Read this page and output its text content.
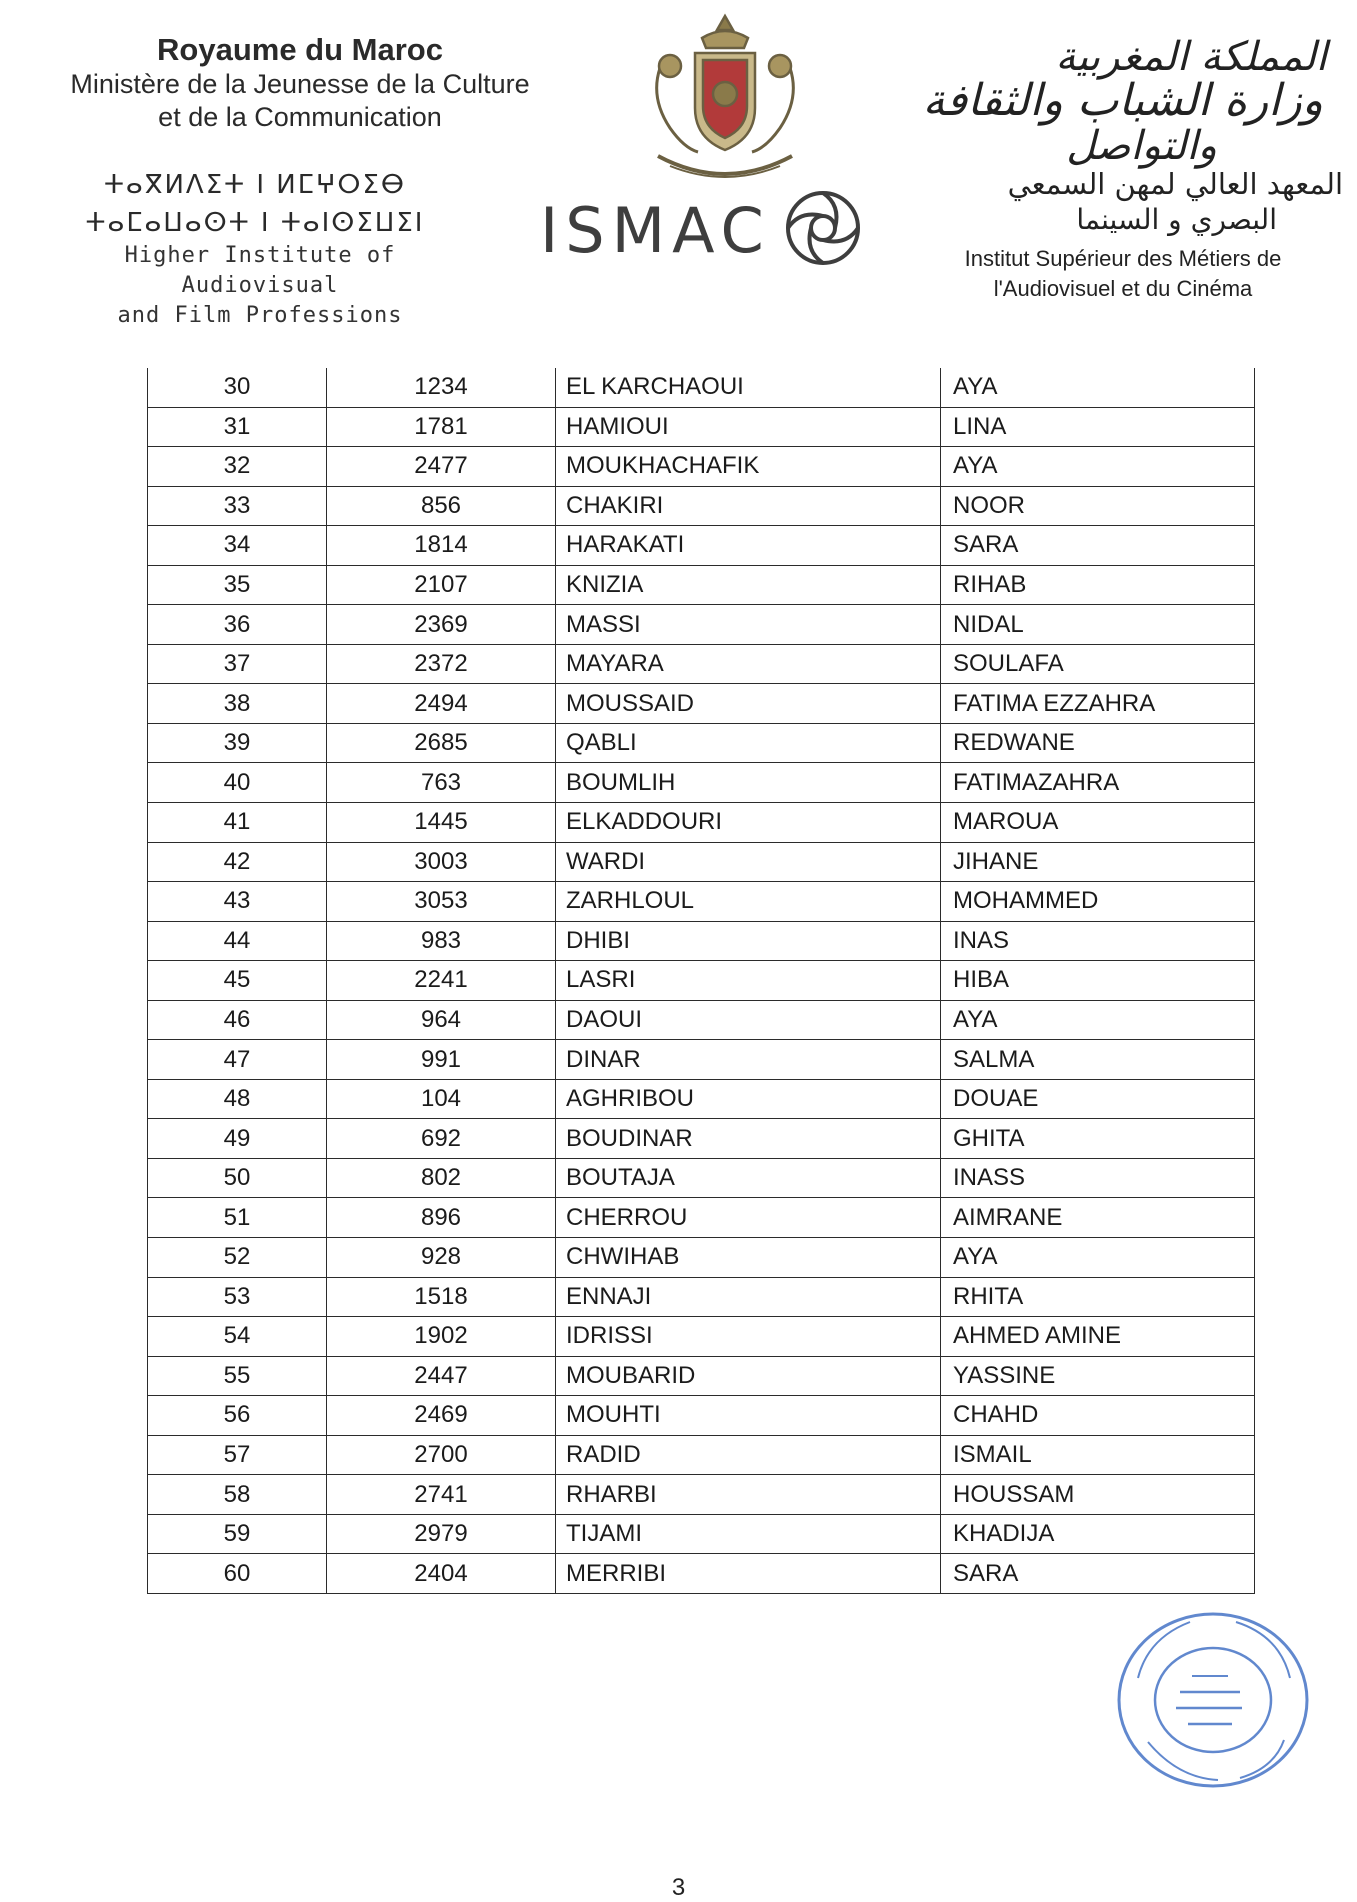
Royaume du Maroc
Ministère de la Jeunesse de la Culture
et de la Communication
ⵜⴰⴳⵍⴷⵉⵜ ⵏ ⵍⵎⵖⵔⵉⴱ
ⵜⴰⵎⴰⵡⴰⵙⵜ ⵏ ⵜⴰⵏⵙⵉⵡⵉⵏ
Higher Institute of Audiovisual
and Film Professions
ISMAC
المملكة المغربية
وزارة الشباب والثقافة
والتواصل
المعهد العالي لمهن السمعي
البصري و السينما
Institut Supérieur des Métiers de
l'Audiovisuel et du Cinéma
30	1234	EL KARCHAOUI	AYA
31	1781	HAMIOUI	LINA
32	2477	MOUKHACHAFIK	AYA
33	856	CHAKIRI	NOOR
34	1814	HARAKATI	SARA
35	2107	KNIZIA	RIHAB
36	2369	MASSI	NIDAL
37	2372	MAYARA	SOULAFA
38	2494	MOUSSAID	FATIMA EZZAHRA
39	2685	QABLI	REDWANE
40	763	BOUMLIH	FATIMAZAHRA
41	1445	ELKADDOURI	MAROUA
42	3003	WARDI	JIHANE
43	3053	ZARHLOUL	MOHAMMED
44	983	DHIBI	INAS
45	2241	LASRI	HIBA
46	964	DAOUI	AYA
47	991	DINAR	SALMA
48	104	AGHRIBOU	DOUAE
49	692	BOUDINAR	GHITA
50	802	BOUTAJA	INASS
51	896	CHERROU	AIMRANE
52	928	CHWIHAB	AYA
53	1518	ENNAJI	RHITA
54	1902	IDRISSI	AHMED AMINE
55	2447	MOUBARID	YASSINE
56	2469	MOUHTI	CHAHD
57	2700	RADID	ISMAIL
58	2741	RHARBI	HOUSSAM
59	2979	TIJAMI	KHADIJA
60	2404	MERRIBI	SARA
3
